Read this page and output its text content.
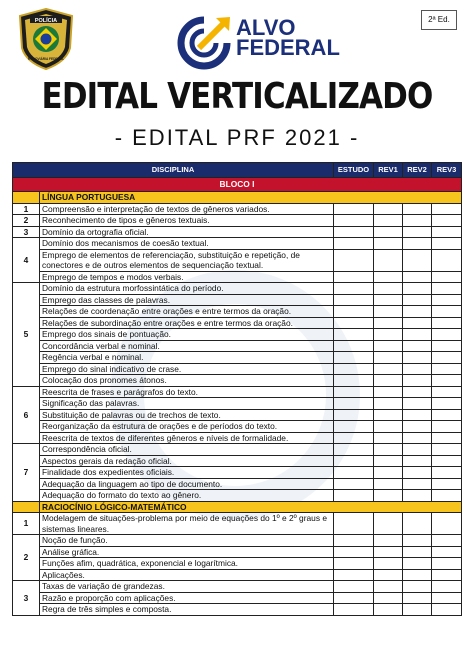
POLÍCIA
RODOVIÁRIA FEDERAL
ALVO
FEDERAL
2ª Ed.
EDITAL VERTICALIZADO
- EDITAL PRF 2021 -
DISCIPLINA		ESTUDO	REV1	REV2	REV3
BLOCO I					
	LÍNGUA PORTUGUESA				
1	Compreensão e interpretação de textos de gêneros variados.				
2	Reconhecimento de tipos e gêneros textuais.				
3	Domínio da ortografia oficial.				
4	Domínio dos mecanismos de coesão textual.				
	Emprego de elementos de referenciação, substituição e repetição, de conectores e de outros elementos de sequenciação textual.				
	Emprego de tempos e modos verbais.				
5	Domínio da estrutura morfossintática do período.				
	Emprego das classes de palavras.				
	Relações de coordenação entre orações e entre termos da oração.				
	Relações de subordinação entre orações e entre termos da oração.				
	Emprego dos sinais de pontuação.				
	Concordância verbal e nominal.				
	Regência verbal e nominal.				
	Emprego do sinal indicativo de crase.				
	Colocação dos pronomes átonos.				
6	Reescrita de frases e parágrafos do texto.				
	Significação das palavras.				
	Substituição de palavras ou de trechos de texto.				
	Reorganização da estrutura de orações e de períodos do texto.				
	Reescrita de textos de diferentes gêneros e níveis de formalidade.				
7	Correspondência oficial.				
	Aspectos gerais da redação oficial.				
	Finalidade dos expedientes oficiais.				
	Adequação da linguagem ao tipo de documento.				
	Adequação do formato do texto ao gênero.				
	RACIOCÍNIO LÓGICO-MATEMÁTICO				
1	Modelagem de situações-problema por meio de equações do 1º e 2º graus e sistemas lineares.				
2	Noção de função.				
	Análise gráfica.				
	Funções afim, quadrática, exponencial e logarítmica.				
	Aplicações.				
3	Taxas de variação de grandezas.				
	Razão e proporção com aplicações.				
	Regra de três simples e composta.				
